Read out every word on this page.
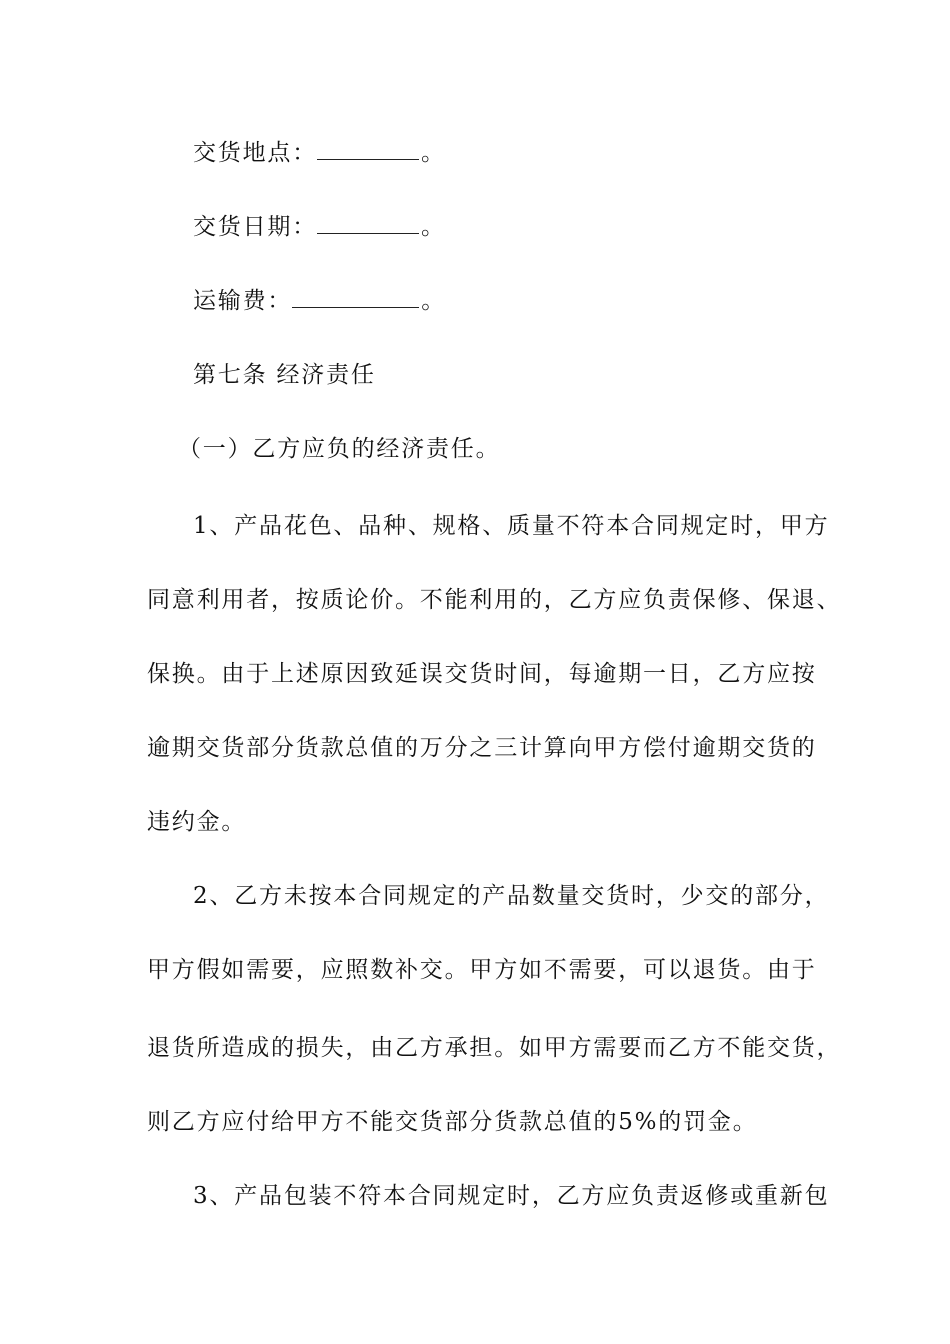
交货地点：	。
交货日期：	。
运输费：	。
第七条 经济责任
（一）乙方应负的经济责任。
1、产品花色、品种、规格、质量不符本合同规定时，甲方
同意利用者，按质论价。不能利用的，乙方应负责保修、保退、
保换。由于上述原因致延误交货时间，每逾期一日，乙方应按
逾期交货部分货款总值的万分之三计算向甲方偿付逾期交货的
违约金。
2、乙方未按本合同规定的产品数量交货时，少交的部分，
甲方假如需要，应照数补交。甲方如不需要，可以退货。由于
退货所造成的损失，由乙方承担。如甲方需要而乙方不能交货，
则乙方应付给甲方不能交货部分货款总值的5%的罚金。
3、产品包装不符本合同规定时，乙方应负责返修或重新包
